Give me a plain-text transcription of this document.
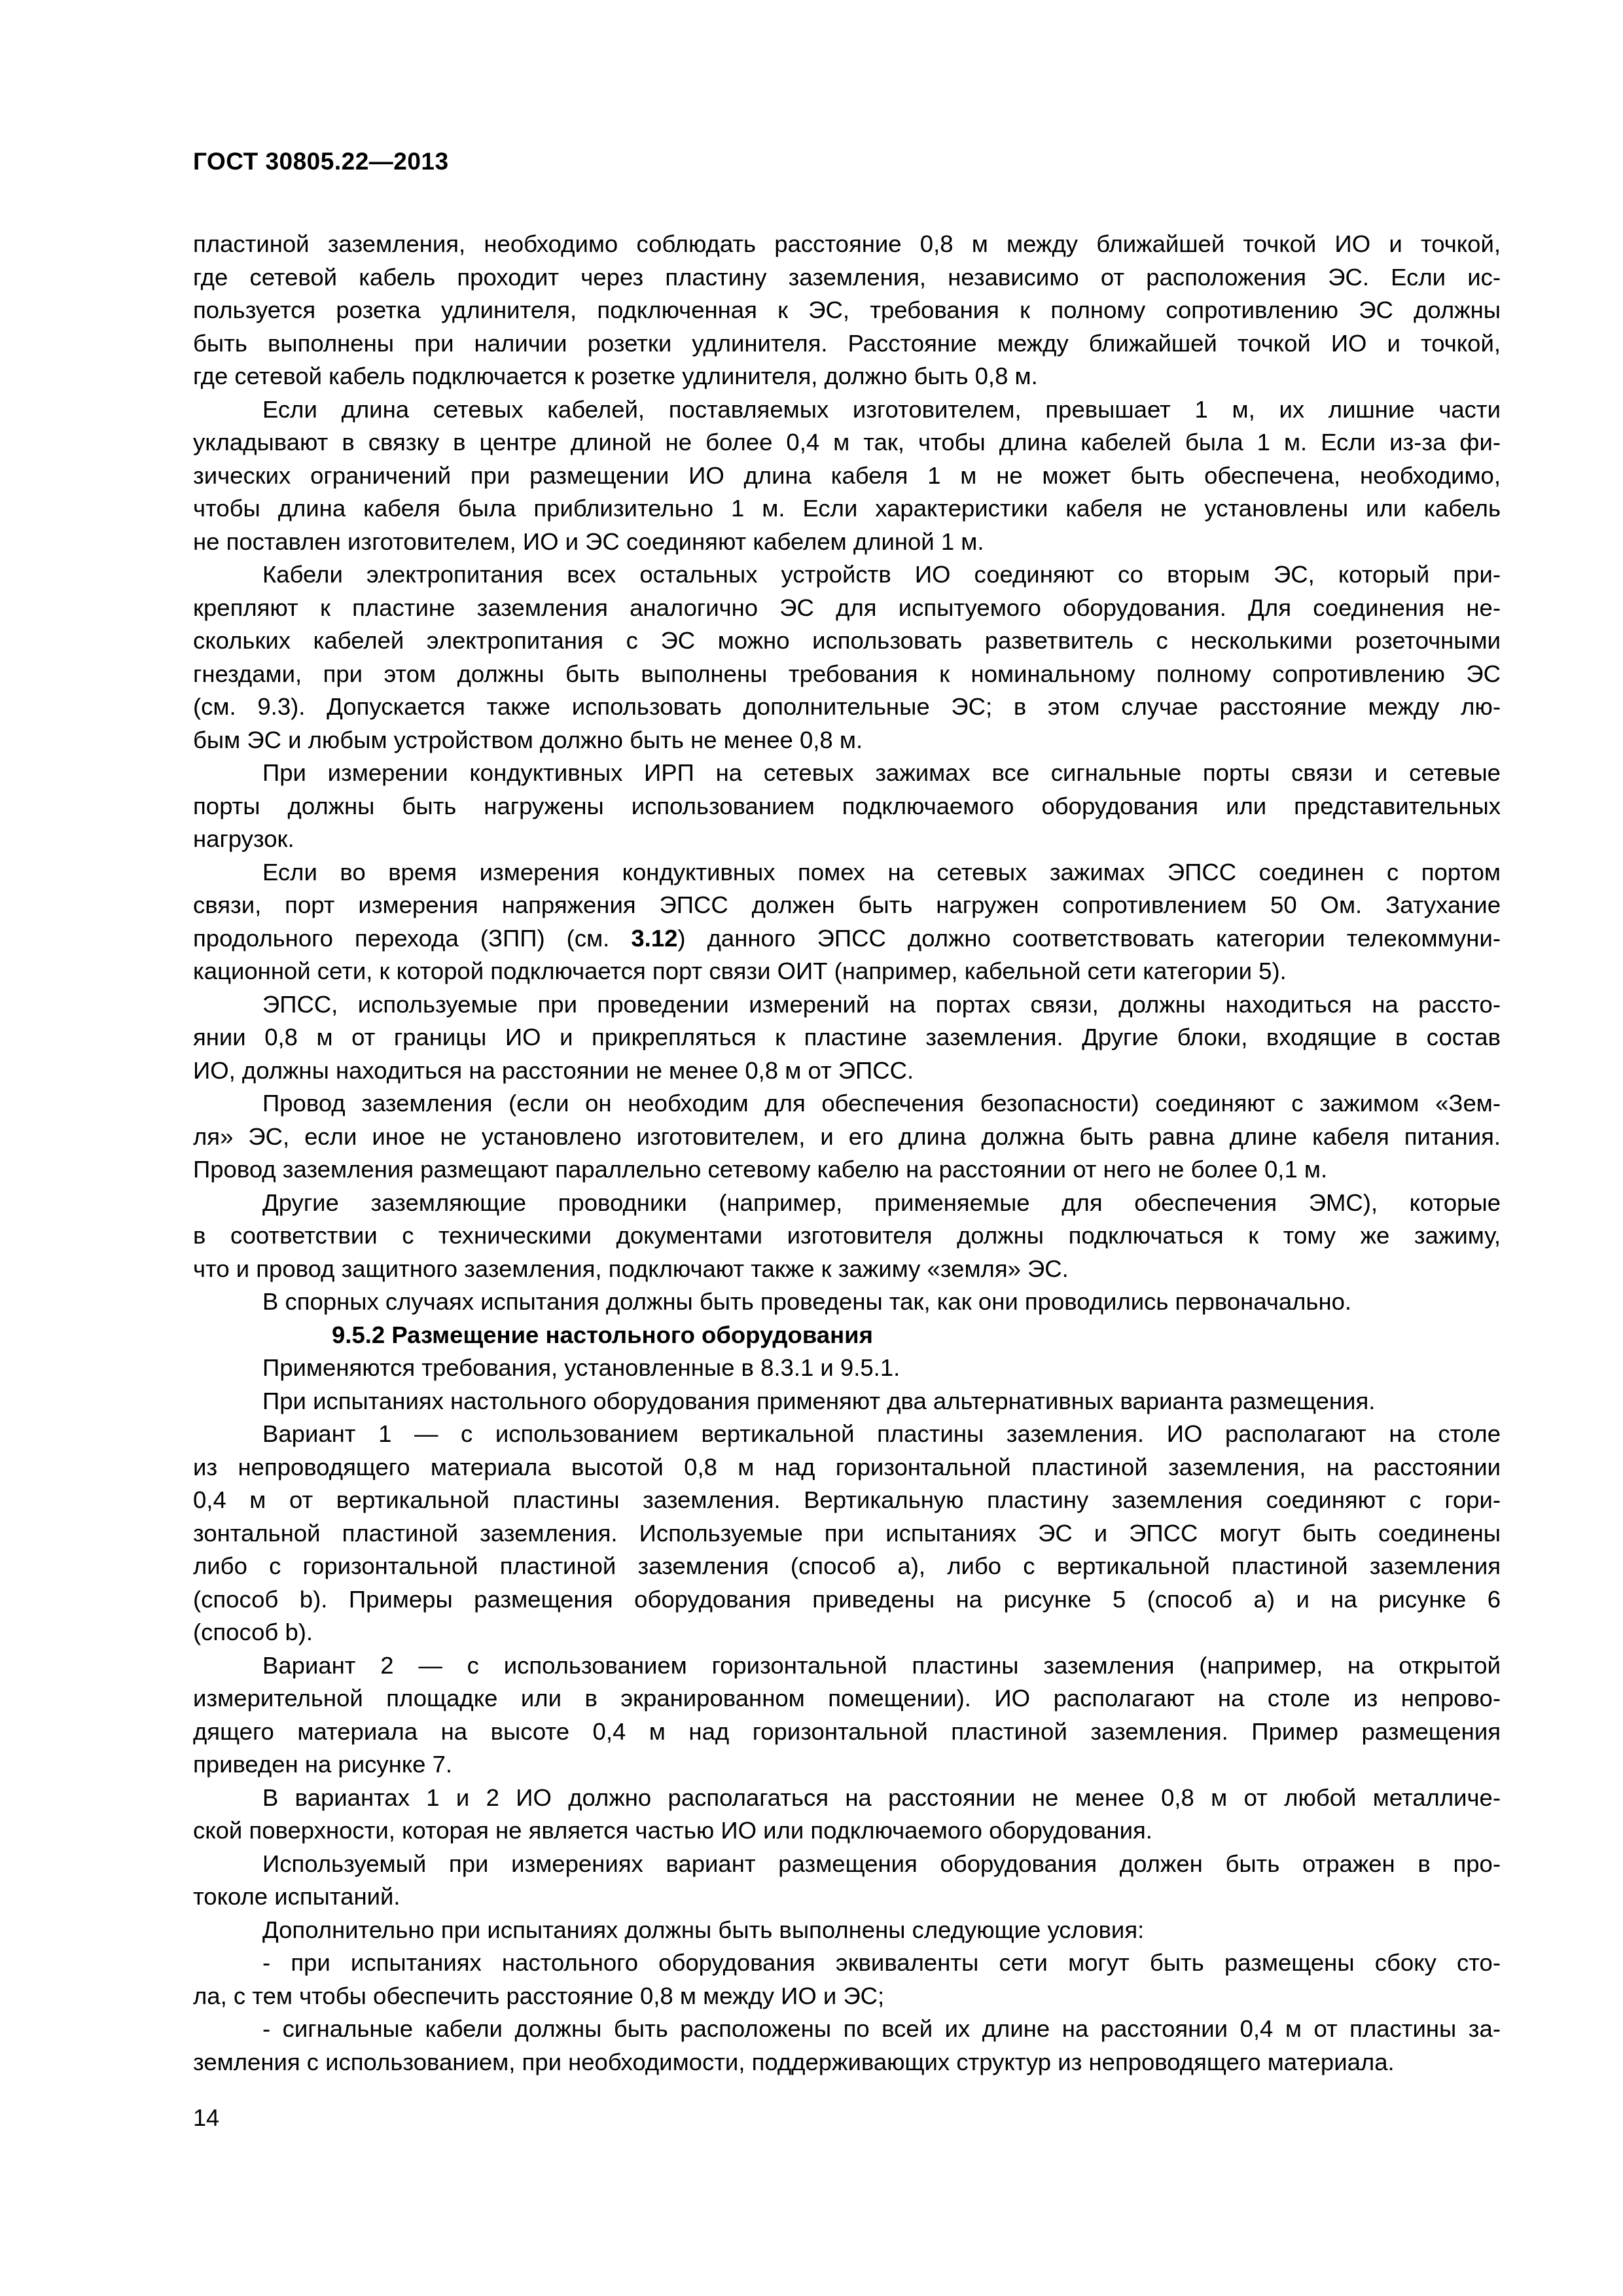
ГОСТ 30805.22—2013

пластиной заземления, необходимо соблюдать расстояние 0,8 м между ближайшей точкой ИО и точкой,
где сетевой кабель проходит через пластину заземления, независимо от расположения ЭС. Если ис-
пользуется розетка удлинителя, подключенная к ЭС, требования к полному сопротивлению ЭС должны
быть выполнены при наличии розетки удлинителя. Расстояние между ближайшей точкой ИО и точкой,
где сетевой кабель подключается к розетке удлинителя, должно быть 0,8 м.

Если длина сетевых кабелей, поставляемых изготовителем, превышает 1 м, их лишние части
укладывают в связку в центре длиной не более 0,4 м так, чтобы длина кабелей была 1 м. Если из-за фи-
зических ограничений при размещении ИО длина кабеля 1 м не может быть обеспечена, необходимо,
чтобы длина кабеля была приблизительно 1 м. Если характеристики кабеля не установлены или кабель
не поставлен изготовителем, ИО и ЭС соединяют кабелем длиной 1 м.

Кабели электропитания всех остальных устройств ИО соединяют со вторым ЭС, который при-
крепляют к пластине заземления аналогично ЭС для испытуемого оборудования. Для соединения не-
скольких кабелей электропитания с ЭС можно использовать разветвитель с несколькими розеточными
гнездами, при этом должны быть выполнены требования к номинальному полному сопротивлению ЭС
(см. 9.3). Допускается также использовать дополнительные ЭС; в этом случае расстояние между лю-
бым ЭС и любым устройством должно быть не менее 0,8 м.

При измерении кондуктивных ИРП на сетевых зажимах все сигнальные порты связи и сетевые
порты должны быть нагружены использованием подключаемого оборудования или представительных
нагрузок.

Если во время измерения кондуктивных помех на сетевых зажимах ЭПСС соединен с портом
связи, порт измерения напряжения ЭПСС должен быть нагружен сопротивлением 50 Ом. Затухание
продольного перехода (ЗПП) (см. 3.12) данного ЭПСС должно соответствовать категории телекоммуни-
кационной сети, к которой подключается порт связи ОИТ (например, кабельной сети категории 5).

ЭПСС, используемые при проведении измерений на портах связи, должны находиться на рассто-
янии 0,8 м от границы ИО и прикрепляться к пластине заземления. Другие блоки, входящие в состав
ИО, должны находиться на расстоянии не менее 0,8 м от ЭПСС.

Провод заземления (если он необходим для обеспечения безопасности) соединяют с зажимом «Зем-
ля» ЭС, если иное не установлено изготовителем, и его длина должна быть равна длине кабеля питания.
Провод заземления размещают параллельно сетевому кабелю на расстоянии от него не более 0,1 м.

Другие заземляющие проводники (например, применяемые для обеспечения ЭМС), которые
в соответствии с техническими документами изготовителя должны подключаться к тому же зажиму,
что и провод защитного заземления, подключают также к зажиму «земля» ЭС.

В спорных случаях испытания должны быть проведены так, как они проводились первоначально.

9.5.2 Размещение настольного оборудования

Применяются требования, установленные в 8.3.1 и 9.5.1.

При испытаниях настольного оборудования применяют два альтернативных варианта размещения.

Вариант 1 — с использованием вертикальной пластины заземления. ИО располагают на столе
из непроводящего материала высотой 0,8 м над горизонтальной пластиной заземления, на расстоянии
0,4 м от вертикальной пластины заземления. Вертикальную пластину заземления соединяют с гори-
зонтальной пластиной заземления. Используемые при испытаниях ЭС и ЭПСС могут быть соединены
либо с горизонтальной пластиной заземления (способ а), либо с вертикальной пластиной заземления
(способ b). Примеры размещения оборудования приведены на рисунке 5 (способ а) и на рисунке 6
(способ b).

Вариант 2 — с использованием горизонтальной пластины заземления (например, на открытой
измерительной площадке или в экранированном помещении). ИО располагают на столе из непрово-
дящего материала на высоте 0,4 м над горизонтальной пластиной заземления. Пример размещения
приведен на рисунке 7.

В вариантах 1 и 2 ИО должно располагаться на расстоянии не менее 0,8 м от любой металличе-
ской поверхности, которая не является частью ИО или подключаемого оборудования.

Используемый при измерениях вариант размещения оборудования должен быть отражен в про-
токоле испытаний.

Дополнительно при испытаниях должны быть выполнены следующие условия:

- при испытаниях настольного оборудования эквиваленты сети могут быть размещены сбоку сто-
ла, с тем чтобы обеспечить расстояние 0,8 м между ИО и ЭС;

- сигнальные кабели должны быть расположены по всей их длине на расстоянии 0,4 м от пластины за-
земления с использованием, при необходимости, поддерживающих структур из непроводящего материала.

14
